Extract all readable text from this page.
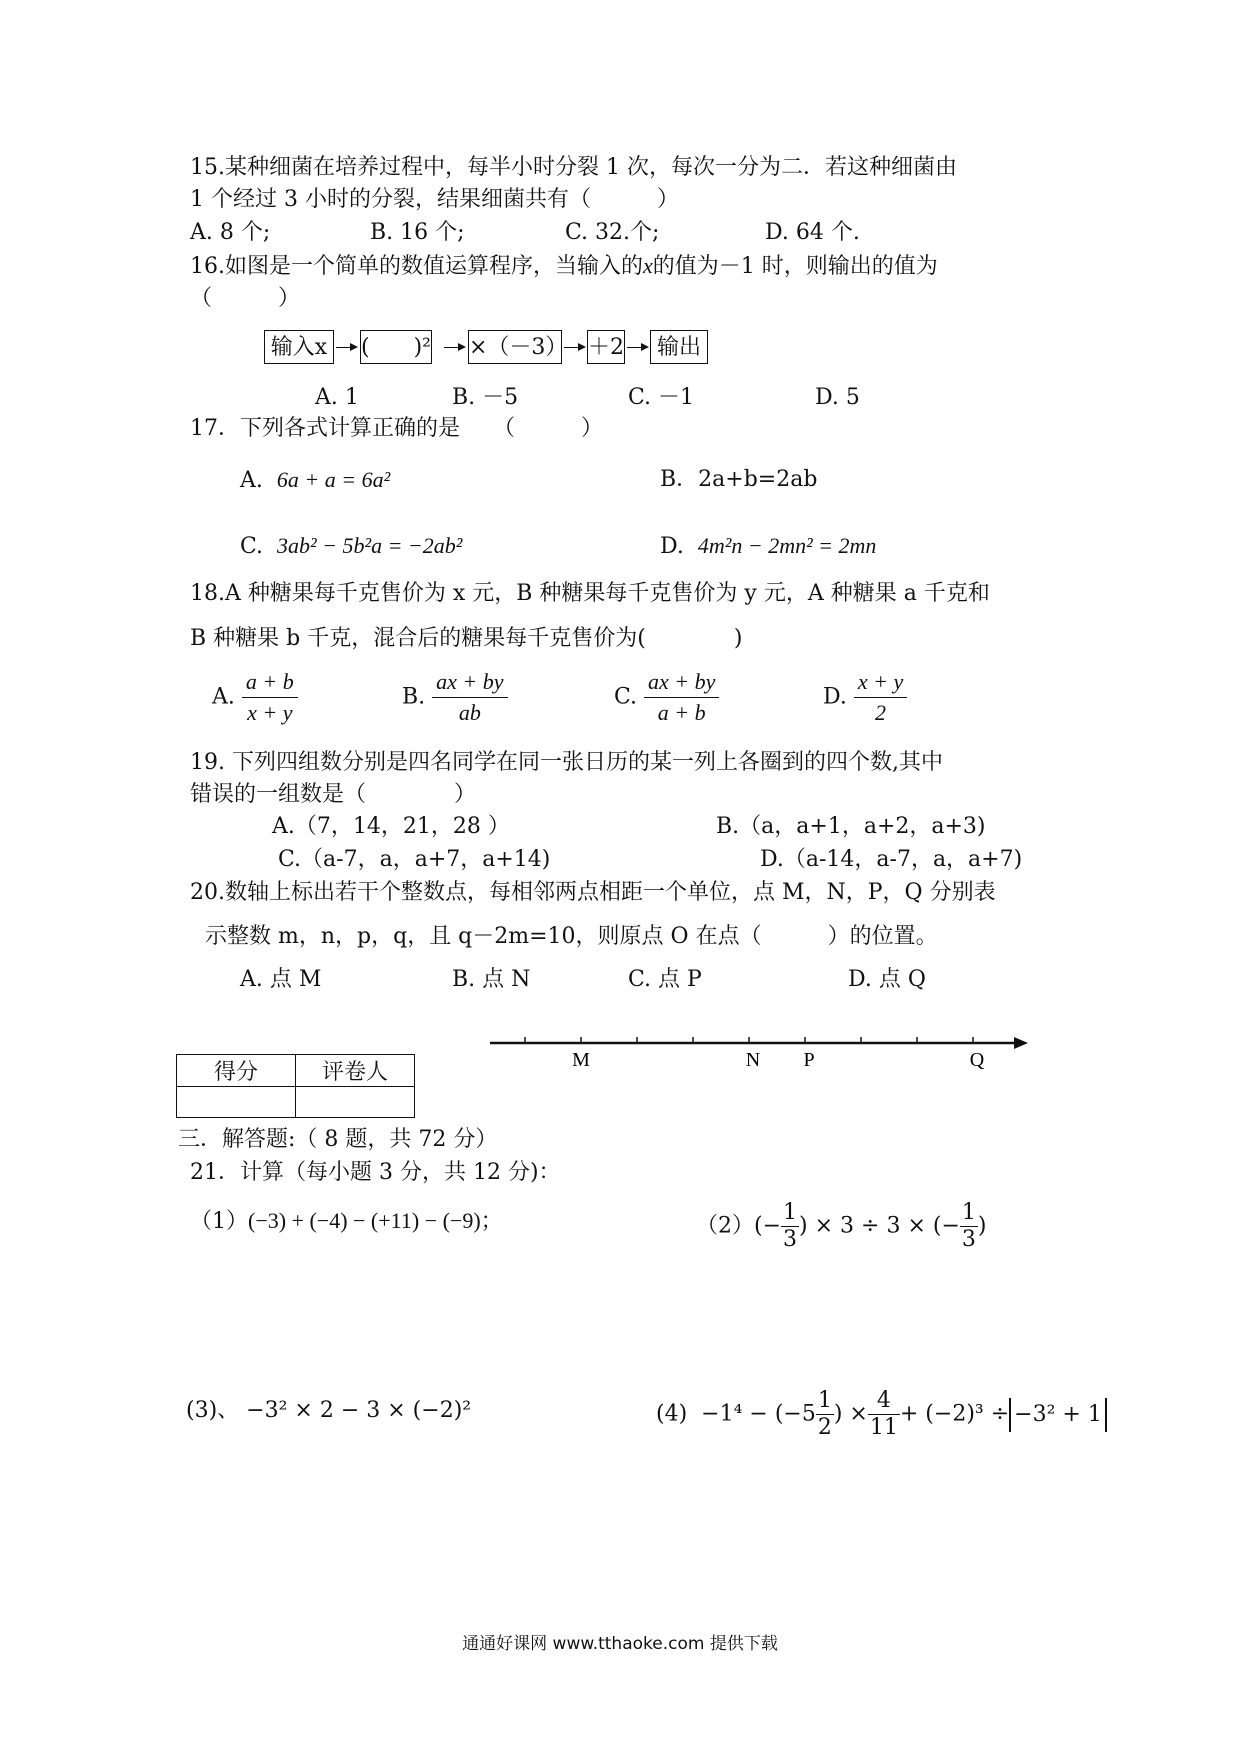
15.某种细菌在培养过程中，每半小时分裂 1 次，每次一分为二．若这种细菌由
1 个经过 3 小时的分裂，结果细菌共有（　　　）
A. 8 个;	B. 16 个;	C. 32.个;	D. 64 个.
16.如图是一个简单的数值运算程序，当输入的x的值为－1 时，则输出的值为
（　　　）
输入x	(　　)² ×（－3） ＋2	输出
A. 1	B. －5	C. －1	D. 5
17．下列各式计算正确的是　　（　　　）
A. 6a + a = 6a²	B．2a+b=2ab
C. 3ab² − 5b²a = −2ab²	D. 4m²n − 2mn² = 2mn
18.A 种糖果每千克售价为 x 元，B 种糖果每千克售价为 y 元，A 种糖果 a 千克和
B 种糖果 b 千克，混合后的糖果每千克售价为(　　　　)
A. $\frac{a + b}{x + y}$	B. $\frac{ax + by}{ab}$	C. $\frac{ax + by}{a + b}$	D. $\frac{x + y}{2}$
19. 下列四组数分别是四名同学在同一张日历的某一列上各圈到的四个数,其中
错误的一组数是（　　　　）
A.（7，14，21，28 ）	B.（a，a+1，a+2，a+3)
C.（a-7，a，a+7，a+14)	D.（a-14，a-7，a，a+7)
20.数轴上标出若干个整数点，每相邻两点相距一个单位，点 M，N，P，Q 分别表
示整数 m，n，p，q，且 q－2m=10，则原点 O 在点（　　　）的位置。
A. 点 M	B. 点 N	C. 点 P	D. 点 Q
M	N P	Q
得分	评卷人

三．解答题:（ 8 题，共 72 分）
21．计算（每小题 3 分，共 12 分)：
（1）(−3) + (−4) − (+11) − (−9)；	$(2)(- \frac{1}{3}$ ) × 3 ÷ 3 × (− $\frac{1}{3}$ )
(3)、 −3² × 2 − 3 × (−2)²	$(4) -1^4 - (-5 \frac{1}{2}$ ) × $\frac{4}{11} + (-2)^3 \div -3^2 + 1$
通通好课网 www.tthaoke.com 提供下载
